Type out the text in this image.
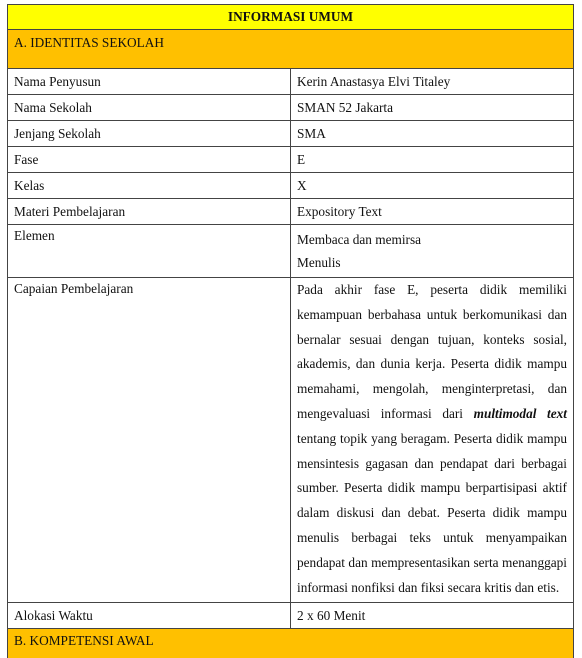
INFORMASI UMUM	
A. IDENTITAS SEKOLAH	
Nama Penyusun	Kerin Anastasya Elvi Titaley
Nama Sekolah	SMAN 52 Jakarta
Jenjang Sekolah	SMA
Fase	E
Kelas	X
Materi Pembelajaran	Expository Text
Elemen	Membaca dan memirsa
Menulis

Capaian Pembelajaran	Pada akhir fase E, peserta didik memiliki kemampuan berbahasa untuk berkomunikasi dan bernalar sesuai dengan tujuan, konteks sosial, akademis, dan dunia kerja. Peserta didik mampu memahami, mengolah, menginterpretasi, dan mengevaluasi informasi dari multimodal text tentang topik yang beragam. Peserta didik mampu mensintesis gagasan dan pendapat dari berbagai sumber. Peserta didik mampu berpartisipasi aktif dalam diskusi dan debat. Peserta didik mampu menulis berbagai teks untuk menyampaikan pendapat dan mempresentasikan serta menanggapi informasi nonfiksi dan fiksi secara kritis dan etis.
Alokasi Waktu	2 x 60 Menit
B. KOMPETENSI AWAL	
